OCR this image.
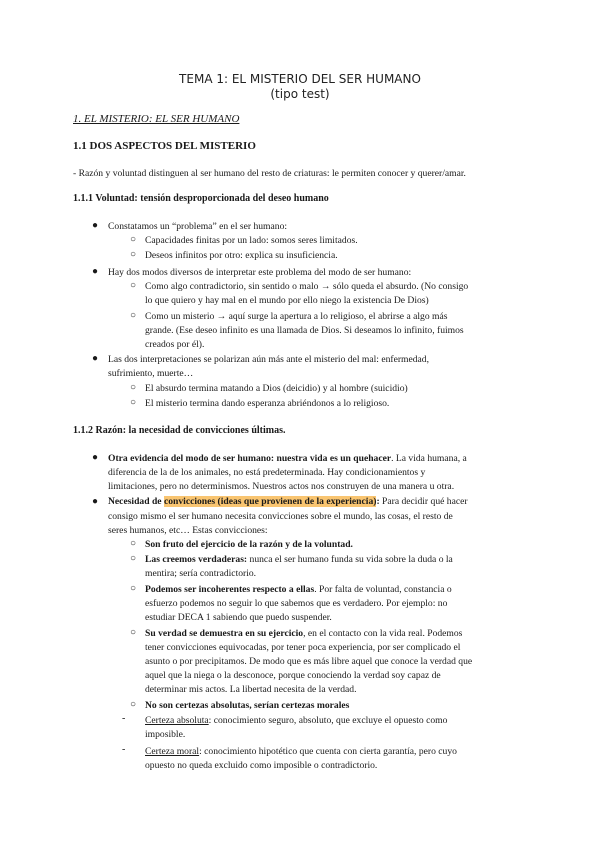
TEMA 1: EL MISTERIO DEL SER HUMANO
(tipo test)
1. EL MISTERIO: EL SER HUMANO
1.1 DOS ASPECTOS DEL MISTERIO
- Razón y voluntad distinguen al ser humano del resto de criaturas: le permiten conocer y querer/amar.
1.1.1 Voluntad: tensión desproporcionada del deseo humano
● Constatamos un “problema” en el ser humano:
○ Capacidades finitas por un lado: somos seres limitados.
○ Deseos infinitos por otro: explica su insuficiencia.
● Hay dos modos diversos de interpretar este problema del modo de ser humano:
○ Como algo contradictorio, sin sentido o malo → sólo queda el absurdo. (No consigo
lo que quiero y hay mal en el mundo por ello niego la existencia De Dios)
○ Como un misterio → aquí surge la apertura a lo religioso, el abrirse a algo más
grande. (Ese deseo infinito es una llamada de Dios. Si deseamos lo infinito, fuimos
creados por él).
● Las dos interpretaciones se polarizan aún más ante el misterio del mal: enfermedad,
sufrimiento, muerte…
○ El absurdo termina matando a Dios (deicidio) y al hombre (suicidio)
○ El misterio termina dando esperanza abriéndonos a lo religioso.
1.1.2 Razón: la necesidad de convicciones últimas.
● Otra evidencia del modo de ser humano: nuestra vida es un quehacer. La vida humana, a
diferencia de la de los animales, no está predeterminada. Hay condicionamientos y
limitaciones, pero no determinismos. Nuestros actos nos construyen de una manera u otra.
● Necesidad de convicciones (ideas que provienen de la experiencia): Para decidir qué hacer
consigo mismo el ser humano necesita convicciones sobre el mundo, las cosas, el resto de
seres humanos, etc… Estas convicciones:
○ Son fruto del ejercicio de la razón y de la voluntad.
○ Las creemos verdaderas: nunca el ser humano funda su vida sobre la duda o la
mentira; sería contradictorio.
○ Podemos ser incoherentes respecto a ellas. Por falta de voluntad, constancia o
esfuerzo podemos no seguir lo que sabemos que es verdadero. Por ejemplo: no
estudiar DECA 1 sabiendo que puedo suspender.
○ Su verdad se demuestra en su ejercicio, en el contacto con la vida real. Podemos
tener convicciones equivocadas, por tener poca experiencia, por ser complicado el
asunto o por precipitamos. De modo que es más libre aquel que conoce la verdad que
aquel que la niega o la desconoce, porque conociendo la verdad soy capaz de
determinar mis actos. La libertad necesita de la verdad.
○ No son certezas absolutas, serían certezas morales
- Certeza absoluta: conocimiento seguro, absoluto, que excluye el opuesto como
imposible.
- Certeza moral: conocimiento hipotético que cuenta con cierta garantía, pero cuyo
opuesto no queda excluido como imposible o contradictorio.
